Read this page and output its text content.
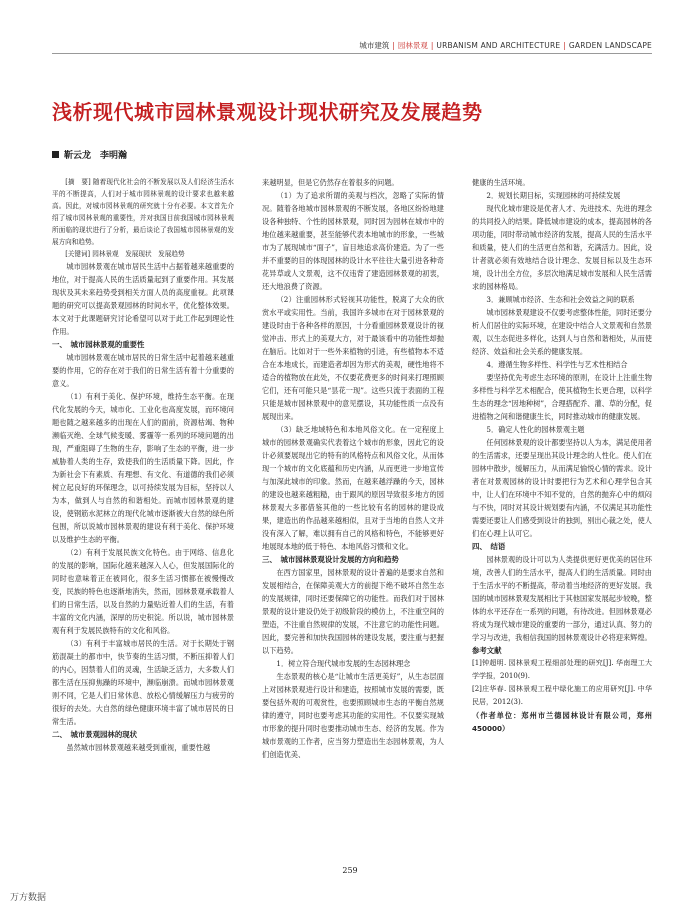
城市建筑 | 园林景观 | URBANISM AND ARCHITECTURE | GARDEN LANDSCAPE
浅析现代城市园林景观设计现状研究及发展趋势
靳云龙　李明瀚

[摘　要] 随着现代化社会的不断发展以及人们经济生活水平的不断提高，人们对于城市园林景观的设计要求也越来越高。因此，对城市园林景观的研究就十分有必要。本文首先介绍了城市园林景观的重要性，并对我国目前我国城市园林景观所面临的现状进行了分析，最后谈论了我国城市园林景观的发展方向和趋势。

[关键词] 园林景观　发展现状　发展趋势

城市园林景观在城市居民生活中占据着越来越重要的地位，对于提高人民的生活质量起到了重要作用。其发展现状及其未来趋势受到相关方面人员的高度重视。此项课题的研究可以提高景观园林的时间水平，优化整体效果。本文对于此课题研究讨论希望可以对于此工作起到理论性作用。

一、　城市园林景观的重要性

城市园林景观在城市居民的日常生活中起着越来越重要的作用，它的存在对于我们的日常生活有着十分重要的意义。

（1）有利于美化、保护环境，维持生态平衡。在现代化发展的今天，城市化、工业化也高度发展，而环境问题也随之越来越多的出现在人们的面前，资源枯竭、物种濒临灭绝、全球气候变暖、雾霾等一系列的环境问题的出现，严重阻碍了生物的生存，影响了生态的平衡，进一步威胁着人类的生存，致使我们的生活质量下降。因此，作为新社会下有素质、有理想、有文化、有道德的我们必须树立起良好的环保理念，以可持续发展为目标，坚持以人为本，做到人与自然的和谐相处。而城市园林景观的建设，使钢筋水泥林立的现代化城市逐渐被大自然的绿色所包围，所以说城市园林景观的建设有利于美化、保护环境以及维护生态的平衡。

（2）有利于发展民族文化特色。由于网络、信息化的发展的影响，国际化越来越深入人心，但发展国际化的同时也意味着正在被同化，很多生活习惯都在被慢慢改变，民族的特色也逐渐地消失，然而，园林景观承载着人们的日常生活，以及自然的力量贴近着人们的生活，有着丰富的文化内涵，深厚的历史积淀。所以说，城市园林景观有利于发展民族特有的文化和风俗。

（3）有利于丰富城市居民的生活。对于长期处于钢筋混凝土的都市中，快节奏的生活习惯，不断压抑着人们的内心，因禁着人们的灵魂，生活缺乏活力，大多数人们都生活在压抑焦躁的环境中，濒临崩溃。而城市园林景观则不同，它是人们日常休息、放松心情缓解压力与疲劳的很好的去处。大自然的绿色健康环境丰富了城市居民的日常生活。

二、　城市景观园林的现状

虽然城市园林景观越来越受到重视，重要性越

来越明显，但是它仍然存在着很多的问题。

（1）为了追求所谓的美观与档次，忽略了实际的情况。随着各地城市园林景观的不断发展，各地区纷纷地建设各种独特、个性的园林景观，同时因为园林在城市中的地位越来越重要，甚至能够代表本地城市的形象，一些城市为了展现城市“面子”，盲目地追求高价建造。为了一些并不重要的目的体现园林的设计水平往往大量引进各种奇花异草或人文景观，这不仅违背了建造园林景观的初衷，还大地浪费了资源。

（2）注重园林形式轻视其功能性，脱离了大众的欣赏水平或实用性。当前，我国许多城市在对于园林景观的建设时由于各种各样的原因，十分看重园林景观设计的视觉冲击、形式上的美观大方，对于最该看中的功能性却抛在脑后。比如对于一些外来植物的引进，有些植物本不适合在本地成长，而建造者却因为形式的美观，硬性地将不适合的植物放在此处，不仅要花费更多的时间来打理照顾它们，还有可能只是“昙花一现”。这些只流于表面的工程只能是城市园林景观中的意见摆设，其功能性质一点没有展现出来。

（3）缺乏地域特色和本地风俗文化。在一定程度上城市的园林景观确实代表着这个城市的形象，因此它的设计必须要展现出它的特有的风格特点和风俗文化，从而体现一个城市的文化底蕴和历史内涵，从而更进一步地宣传与加深此城市的印象。然而，在越来越浮躁的今天，园林的建设也越来越粗糙，由于跟风的原因导致很多地方的园林景观大多都借鉴其他的一些比较有名的园林的建设成果，建造出的作品越来越相似，且对于当地的自然人文并没有深入了解，难以拥有自己的风格和特色，不能够更好地展现本地的低于特色、本地风俗习惯和文化。

三、　城市园林景观设计发展的方向和趋势

在西方国家里，园林景观的设计普遍的是要求自然和发展相结合，在保障美观大方的前提下绝不破坏自然生态的发展规律，同时还要保障它的功能性。而我们对于园林景观的设计建设仍处于初级阶段的模仿上，不注重空间的塑造，不注重自然规律的发展，不注意它的功能性问题。因此，要完善和加快我国园林的建设发展，要注重与把握以下趋势。

1．树立符合现代城市发展的生态园林理念

生态景观的核心是“让城市生活更美好”，从生态层面上对园林景观进行设计和建造，按照城市发展的需要，既要包括外观的可观赏性，也要照顾城市生态的平衡自然规律的遵守，同时也要考虑其功能的实用性。不仅要实现城市形象的提升同时也要推动城市生态、经济的发展。作为城市景观的工作者，应当努力塑造出生态园林景观，为人们创造优美、

健康的生活环境。

2．规划长期目标，实现园林的可持续发展

现代化城市建设是优者人才、先进技术、先进的理念的共同投入的结果。降低城市建设的成本，提高园林的各项功能，同时带动城市经济的发展，提高人民的生活水平和质量，使人们的生活更自然和谐，充满活力。因此，设计者就必须有效地结合设计理念、发展目标以及生态环境，设计出全方位，多层次地满足城市发展和人民生活需求的园林格局。

3．兼顾城市经济、生态和社会效益之间的联系

城市园林景观建设不仅要考虑整体性能，同时还要分析人们居住的实际环境，在建设中结合人文景观和自然景观，以生态促进多样化，达到人与自然和谐相处，从而使经济、效益和社会关系的健康发展。

4．遵循生物多样性、科学性与艺术性相结合

要坚持优先考虑生态环境的原则，在设计上注重生物多样性与科学艺术相配合，使其植物生长更合理，以科学生态的理念“因地种树”，合理搭配乔、灌、草的分配，促进植物之间和谐健康生长，同时推动城市的健康发展。

5．确定人性化的园林景观主题

任何园林景观的设计都要坚持以人为本，满足使用者的生活需求，还要呈现出其设计理念的人性化。使人们在园林中散步，缓解压力，从而满足愉悦心情的需求。设计者在对景观园林的设计时要把行为艺术和心理学包含其中，让人们在环境中不知不觉的，自然的抛弃心中的烦闷与不快，同时对其设计规划要有内涵，不仅满足其功能性需要还要让人们感受到设计的独到，别出心裁之处，使人们在心理上认可它。

四、　结语

园林景观的设计可以为人类提供更好更优美的居住环境，改善人们的生活水平，提高人们的生活质量。同时由于生活水平的不断提高，带动着当地经济的更好发展。我国的城市园林景观发展相比于其他国家发展起步较晚，整体的水平还存在一系列的问题，有待改进。但园林景观必将成为现代城市建设的重要的一部分，通过认真、努力的学习与改进，我相信我国的园林景观设计必将迎来辉煌。

参考文献

[1]钟超明. 园林景观工程细部处理的研究[J]. 华南理工大学学报，2010(9).

[2]庄华春. 园林景观工程中绿化施工的应用研究[J]. 中华民居，2012(3).

（作者单位：郑州市兰德园林设计有限公司，郑州 450000）

259
万方数据
